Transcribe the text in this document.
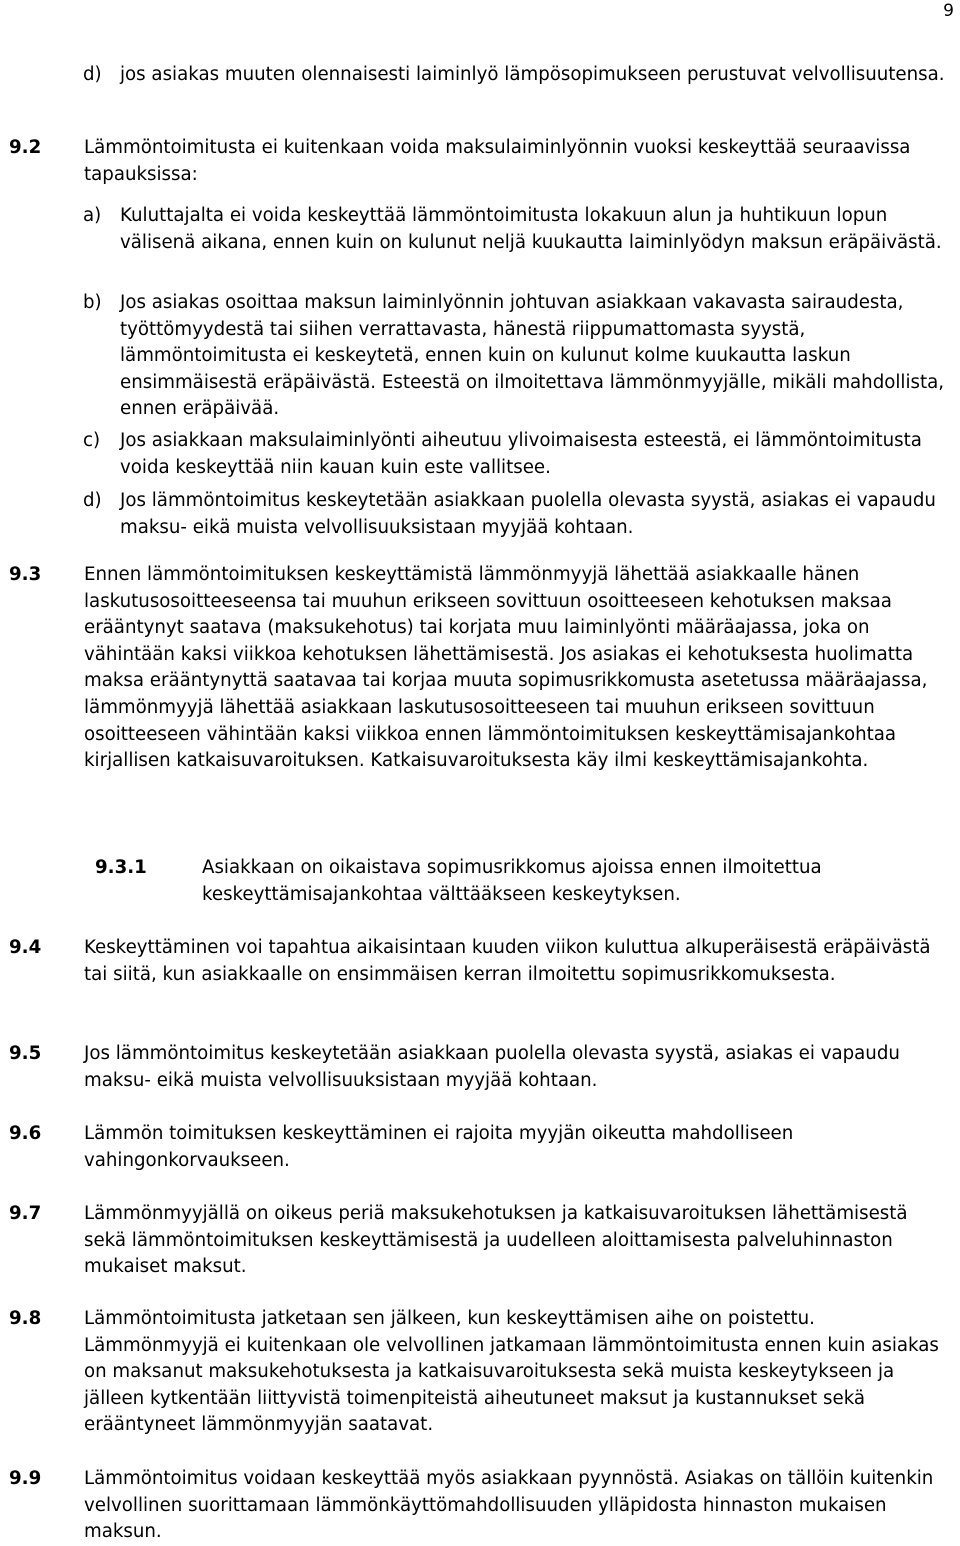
9
d) jos asiakas muuten olennaisesti laiminlyö lämpösopimukseen perustuvat velvollisuutensa.
9.2 Lämmöntoimitusta ei kuitenkaan voida maksulaiminlyönnin vuoksi keskeyttää seuraavissa tapauksissa:
a) Kuluttajalta ei voida keskeyttää lämmöntoimitusta lokakuun alun ja huhtikuun lopun välisenä aikana, ennen kuin on kulunut neljä kuukautta laiminlyödyn maksun eräpäivästä.
b) Jos asiakas osoittaa maksun laiminlyönnin johtuvan asiakkaan vakavasta sairaudesta, työttömyydestä tai siihen verrattavasta, hänestä riippumattomasta syystä, lämmöntoimitusta ei keskeytetä, ennen kuin on kulunut kolme kuukautta laskun ensimmäisestä eräpäivästä. Esteestä on ilmoitettava lämmönmyyjälle, mikäli mahdollista, ennen eräpäivää.
c) Jos asiakkaan maksulaiminlyönti aiheutuu ylivoimaisesta esteestä, ei lämmöntoimitusta voida keskeyttää niin kauan kuin este vallitsee.
d) Jos lämmöntoimitus keskeytetään asiakkaan puolella olevasta syystä, asiakas ei vapaudu maksu- eikä muista velvollisuuksistaan myyjää kohtaan.
9.3 Ennen lämmöntoimituksen keskeyttämistä lämmönmyyjä lähettää asiakkaalle hänen laskutusosoitteeseensa tai muuhun erikseen sovittuun osoitteeseen kehotuksen maksaa erääntynyt saatava (maksukehotus) tai korjata muu laiminlyönti määräajassa, joka on vähintään kaksi viikkoa kehotuksen lähettämisestä. Jos asiakas ei kehotuksesta huolimatta maksa erääntynyttä saatavaa tai korjaa muuta sopimusrikkomusta asetetussa määräajassa, lämmönmyyjä lähettää asiakkaan laskutusosoitteeseen tai muuhun erikseen sovittuun osoitteeseen vähintään kaksi viikkoa ennen lämmöntoimituksen keskeyttämisajankohtaa kirjallisen katkaisuvaroituksen. Katkaisuvaroituksesta käy ilmi keskeyttämisajankohta.
9.3.1	Asiakkaan on oikaistava sopimusrikkomus ajoissa ennen ilmoitettua keskeyttämisajankohtaa välttääkseen keskeytyksen.
9.4 Keskeyttäminen voi tapahtua aikaisintaan kuuden viikon kuluttua alkuperäisestä eräpäivästä tai siitä, kun asiakkaalle on ensimmäisen kerran ilmoitettu sopimusrikkomuksesta.
9.5 Jos lämmöntoimitus keskeytetään asiakkaan puolella olevasta syystä, asiakas ei vapaudu maksu- eikä muista velvollisuuksistaan myyjää kohtaan.
9.6 Lämmön toimituksen keskeyttäminen ei rajoita myyjän oikeutta mahdolliseen vahingonkorvaukseen.
9.7 Lämmönmyyjällä on oikeus periä maksukehotuksen ja katkaisuvaroituksen lähettämisestä sekä lämmöntoimituksen keskeyttämisestä ja uudelleen aloittamisesta palveluhinnaston mukaiset maksut.
9.8 Lämmöntoimitusta jatketaan sen jälkeen, kun keskeyttämisen aihe on poistettu. Lämmönmyyjä ei kuitenkaan ole velvollinen jatkamaan lämmöntoimitusta ennen kuin asiakas on maksanut maksukehotuksesta ja katkaisuvaroituksesta sekä muista keskeytykseen ja jälleen kytkentään liittyvistä toimenpiteistä aiheutuneet maksut ja kustannukset sekä erääntyneet lämmönmyyjän saatavat.
9.9 Lämmöntoimitus voidaan keskeyttää myös asiakkaan pyynnöstä. Asiakas on tällöin kuitenkin velvollinen suorittamaan lämmönkäyttömahdollisuuden ylläpidosta hinnaston mukaisen maksun.
